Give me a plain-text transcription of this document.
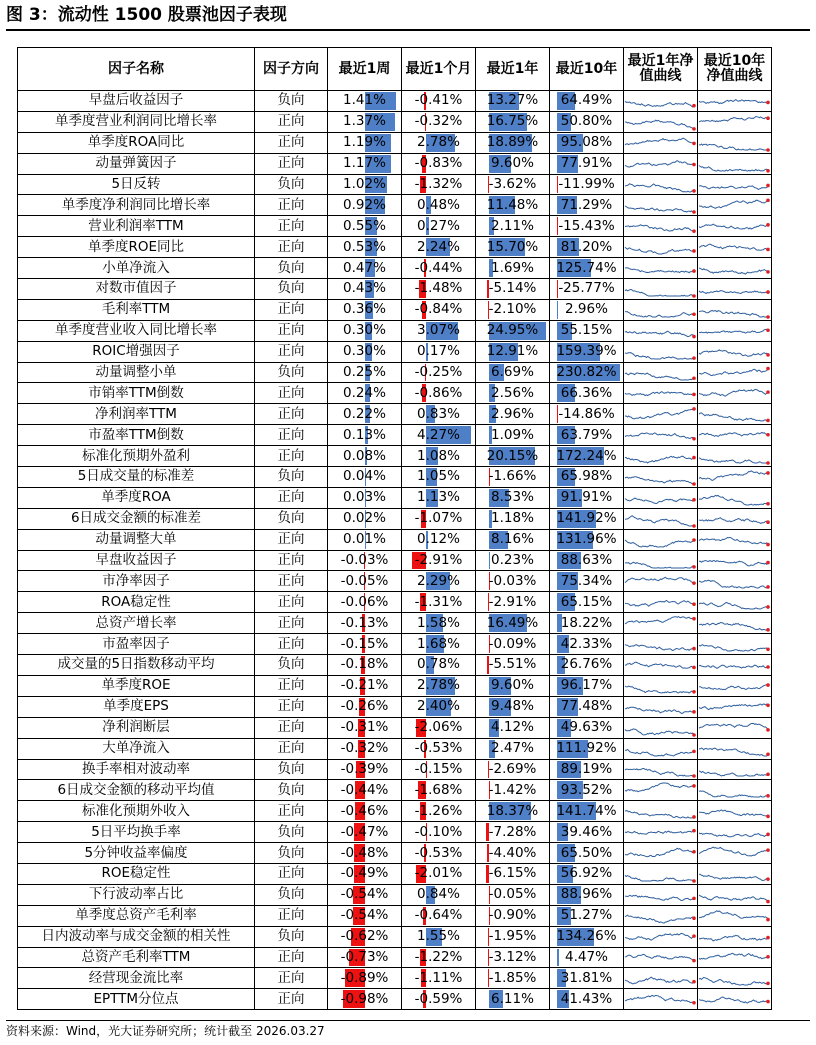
图 3：流动性 1500 股票池因子表现
因子名称	因子方向	最近1周	最近1个月	最近1年	最近10年	最近1年净值曲线	最近10年净值曲线
早盘后收益因子	负向	1.41%	-0.41%	13.27%	64.49%	

单季度营业利润同比增长率	正向	1.37%	-0.32%	16.75%	50.80%	

单季度ROA同比	正向	1.19%	2.78%	18.89%	95.08%	

动量弹簧因子	正向	1.17%	-0.83%	9.60%	77.91%	

5日反转	负向	1.02%	-1.32%	-3.62%	-11.99%	

单季度净利润同比增长率	正向	0.92%	0.48%	11.48%	71.29%	

营业利润率TTM	正向	0.55%	0.27%	2.11%	-15.43%	

单季度ROE同比	正向	0.53%	2.24%	15.70%	81.20%	

小单净流入	负向	0.47%	-0.44%	1.69%	125.74%	

对数市值因子	负向	0.43%	-1.48%	-5.14%	-25.77%	

毛利率TTM	正向	0.36%	-0.84%	-2.10%	2.96%	

单季度营业收入同比增长率	正向	0.30%	3.07%	24.95%	55.15%	

ROIC增强因子	正向	0.30%	0.17%	12.91%	159.39%	

动量调整小单	负向	0.25%	-0.25%	6.69%	230.82%	

市销率TTM倒数	正向	0.24%	-0.86%	2.56%	66.36%	

净利润率TTM	正向	0.22%	0.83%	2.96%	-14.86%	

市盈率TTM倒数	正向	0.13%	4.27%	1.09%	63.79%	

标准化预期外盈利	正向	0.08%	1.08%	20.15%	172.24%	

5日成交量的标准差	负向	0.04%	1.05%	-1.66%	65.98%	

单季度ROA	正向	0.03%	1.13%	8.53%	91.91%	

6日成交金额的标准差	负向	0.02%	-1.07%	1.18%	141.92%	

动量调整大单	正向	0.01%	0.12%	8.16%	131.96%	

早盘收益因子	正向	-0.03%	-2.91%	0.23%	88.63%	

市净率因子	正向	-0.05%	2.29%	-0.03%	75.34%	

ROA稳定性	正向	-0.06%	-1.31%	-2.91%	65.15%	

总资产增长率	正向	-0.13%	1.58%	16.49%	18.22%	

市盈率因子	正向	-0.15%	1.68%	-0.09%	42.33%	

成交量的5日指数移动平均	负向	-0.18%	0.78%	-5.51%	26.76%	

单季度ROE	正向	-0.21%	2.78%	9.60%	96.17%	

单季度EPS	正向	-0.26%	2.40%	9.48%	77.48%	

净利润断层	正向	-0.31%	-2.06%	4.12%	49.63%	

大单净流入	正向	-0.32%	-0.53%	2.47%	111.92%	

换手率相对波动率	负向	-0.39%	-0.15%	-2.69%	89.19%	

6日成交金额的移动平均值	负向	-0.44%	-1.68%	-1.42%	93.52%	

标准化预期外收入	正向	-0.46%	-1.26%	18.37%	141.74%	

5日平均换手率	负向	-0.47%	-0.10%	-7.28%	39.46%	

5分钟收益率偏度	负向	-0.48%	-0.53%	-4.40%	65.50%	

ROE稳定性	正向	-0.49%	-2.01%	-6.15%	56.92%	

下行波动率占比	负向	-0.54%	0.84%	-0.05%	88.96%	

单季度总资产毛利率	正向	-0.54%	-0.64%	-0.90%	51.27%	

日内波动率与成交金额的相关性	负向	-0.62%	1.55%	-1.95%	134.26%	

总资产毛利率TTM	正向	-0.73%	-1.22%	-3.12%	4.47%	

经营现金流比率	正向	-0.89%	-1.11%	-1.85%	31.81%	

EPTTM分位点	正向	-0.98%	-0.59%	6.11%	41.43%	

资料来源：Wind，光大证券研究所；统计截至 2026.03.27
